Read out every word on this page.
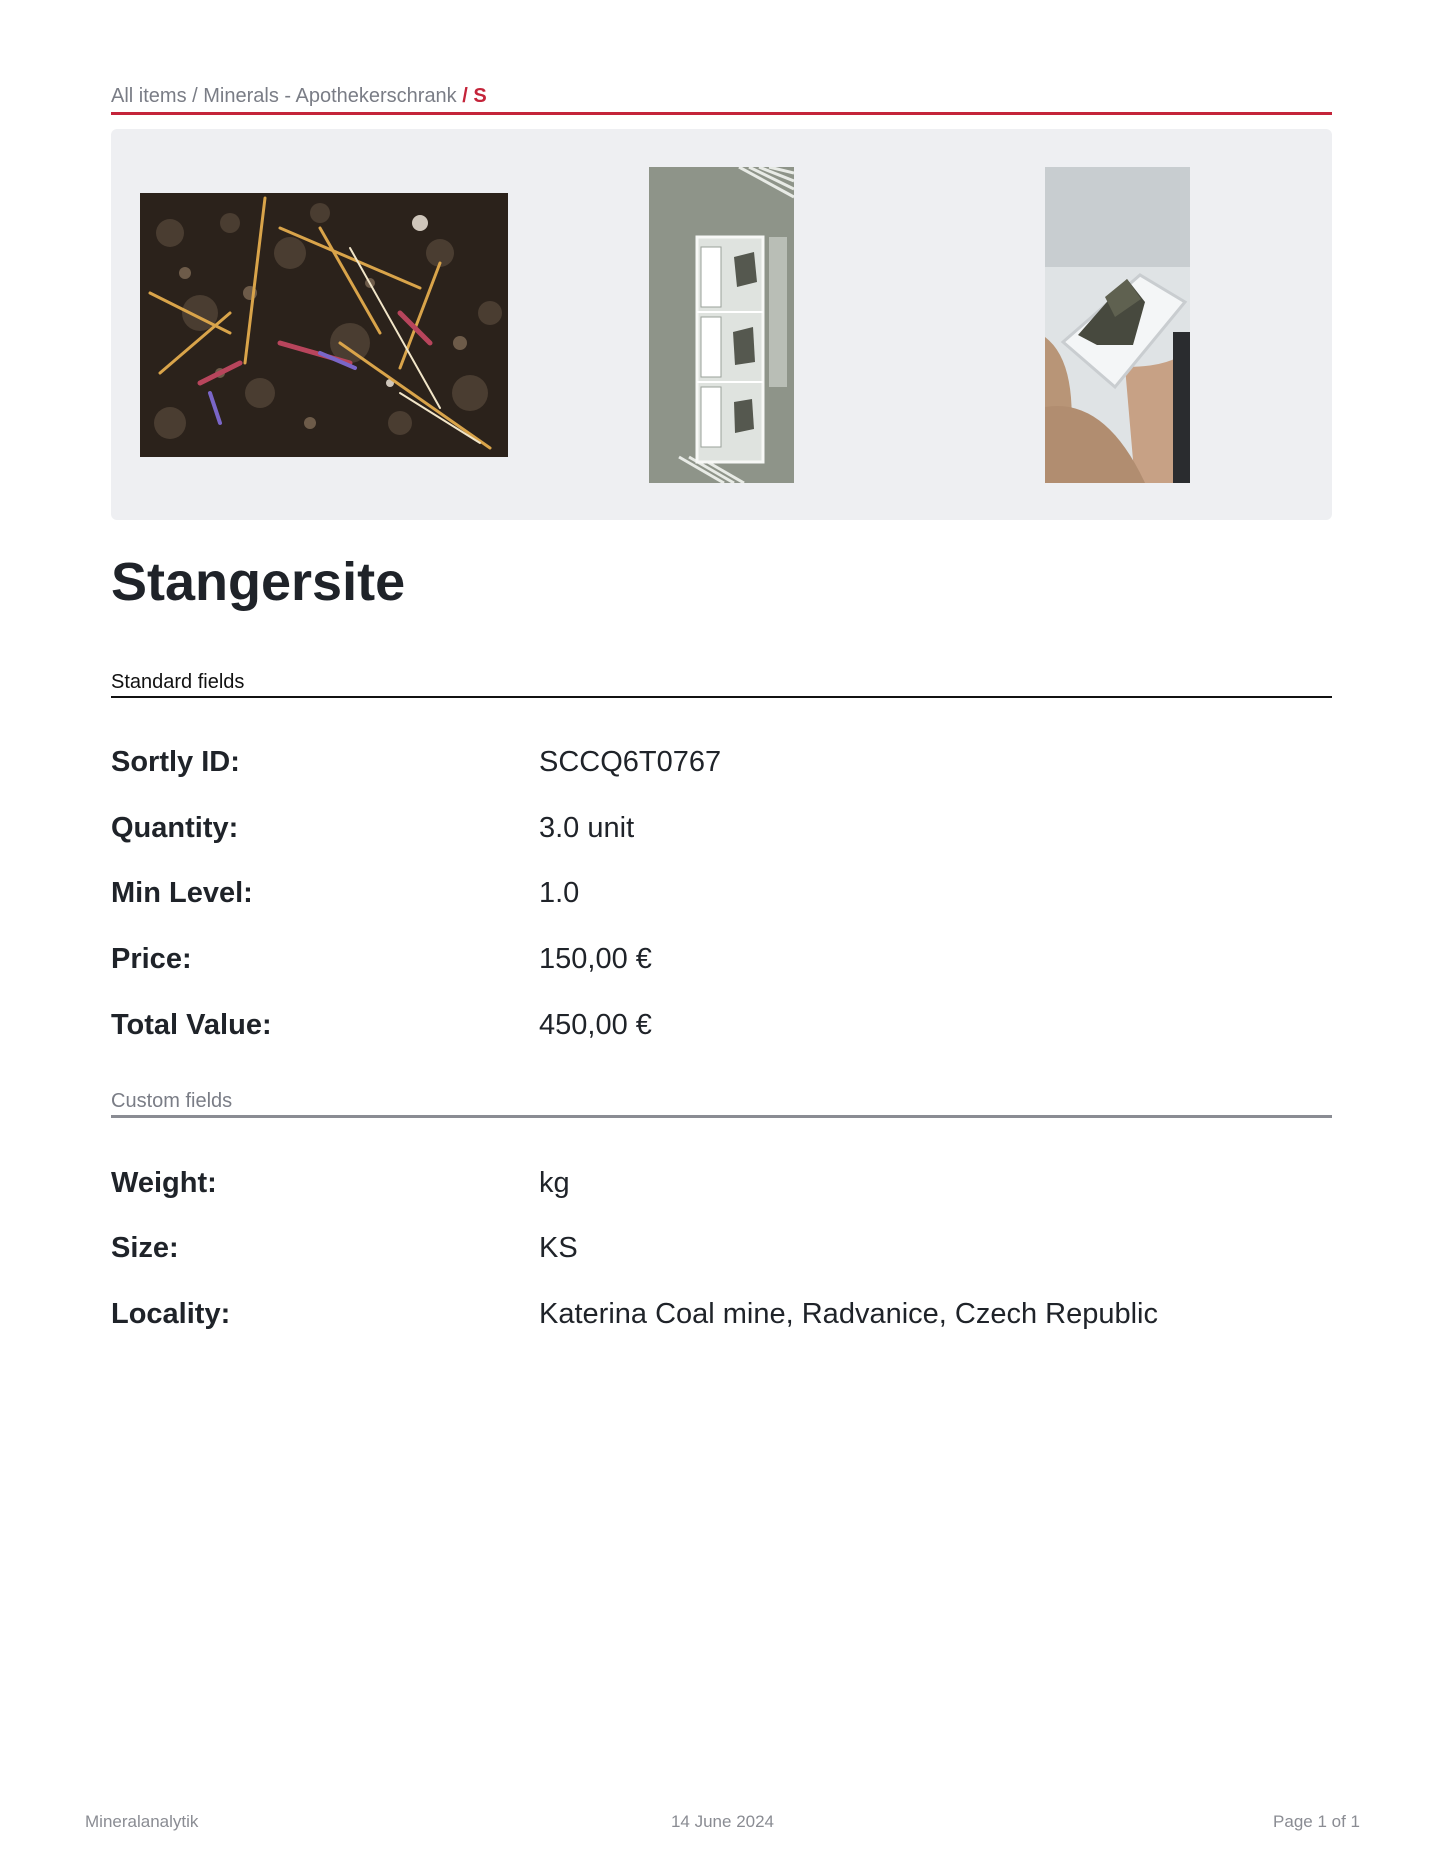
All items / Minerals - Apothekerschrank / S
Stangersite
Standard fields
Sortly ID:	SCCQ6T0767
Quantity:	3.0 unit
Min Level:	1.0
Price:	150,00 €
Total Value:	450,00 €
Custom fields
Weight:	kg
Size:	KS
Locality:	Katerina Coal mine, Radvanice, Czech Republic
Mineralanalytik	14 June 2024	Page 1 of 1
